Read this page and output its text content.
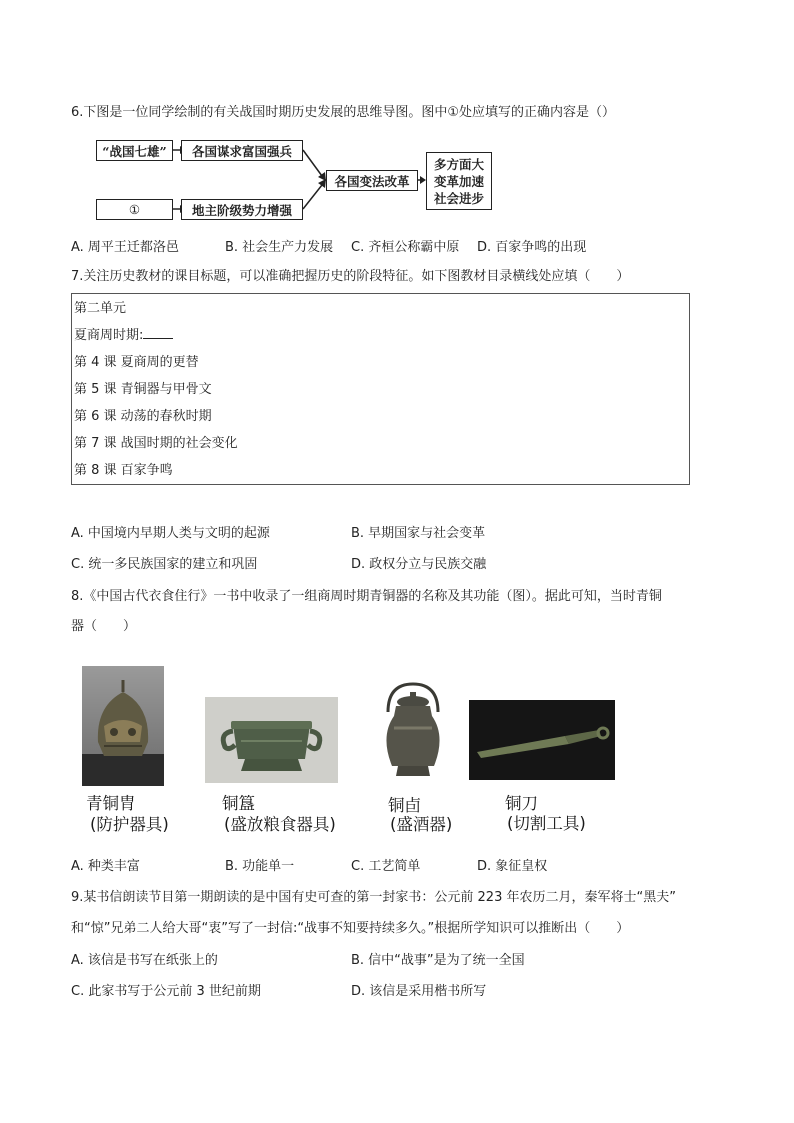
6.下图是一位同学绘制的有关战国时期历史发展的思维导图。图中①处应填写的正确内容是（）
“战国七雄”	各国谋求富国强兵
①	地主阶级势力增强
各国变法改革
多方面大
变革加速
社会进步
A. 周平王迁都洛邑	B. 社会生产力发展 C. 齐桓公称霸中原 D. 百家争鸣的出现
7.关注历史教材的课目标题，可以准确把握历史的阶段特征。如下图教材目录横线处应填（　　）
第二单元
夏商周时期:
第 4 课 夏商周的更替
第 5 课 青铜器与甲骨文
第 6 课 动荡的春秋时期
第 7 课 战国时期的社会变化
第 8 课 百家争鸣
A. 中国境内早期人类与文明的起源	B. 早期国家与社会变革
C. 统一多民族国家的建立和巩固	D. 政权分立与民族交融
8.《中国古代衣食住行》一书中收录了一组商周时期青铜器的名称及其功能（图）。据此可知，当时青铜
器（　　）
青铜胄
(防护器具)
铜簋
(盛放粮食器具)
铜卣
(盛酒器)
铜刀
(切割工具)
A. 种类丰富	B. 功能单一	C. 工艺简单	D. 象征皇权
9.某书信朗读节目第一期朗读的是中国有史可查的第一封家书：公元前 223 年农历二月，秦军将士“黑夫”
和“惊”兄弟二人给大哥“衷”写了一封信:“战事不知要持续多久。”根据所学知识可以推断出（　　）
A. 该信是书写在纸张上的	B. 信中“战事”是为了统一全国
C. 此家书写于公元前 3 世纪前期	D. 该信是采用楷书所写
